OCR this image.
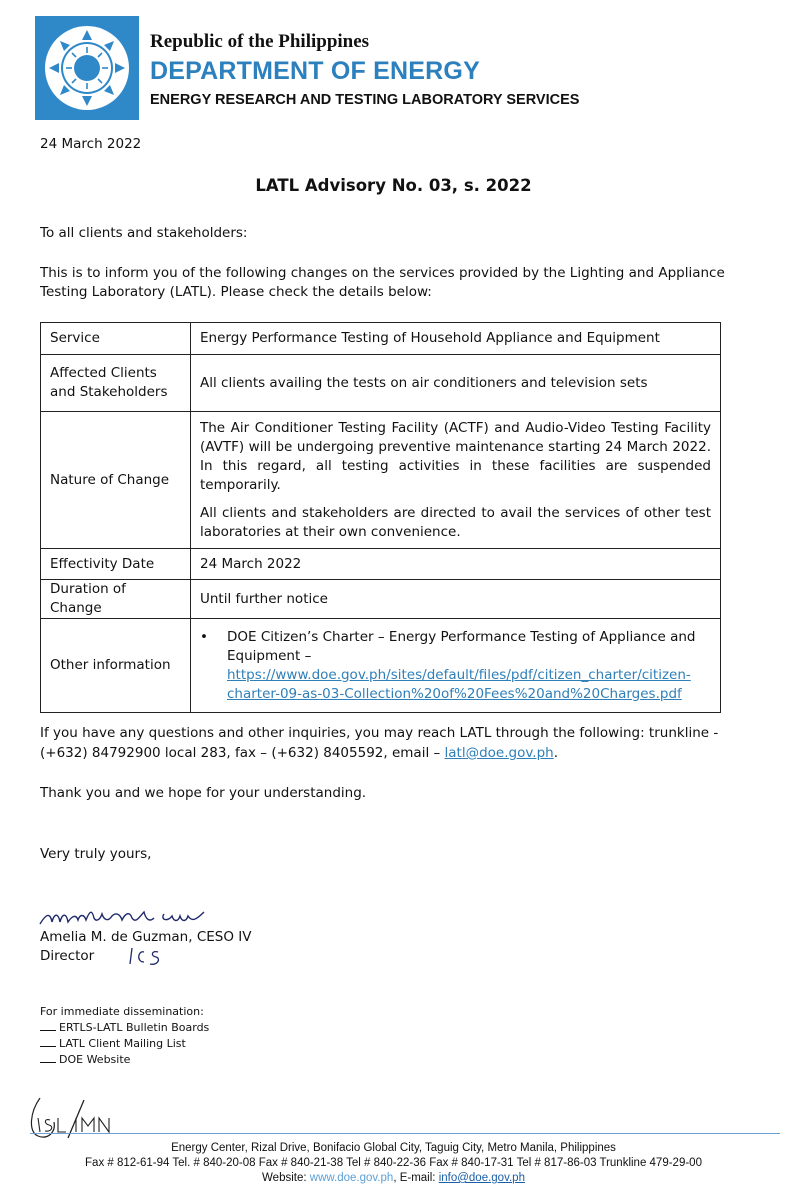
Republic of the Philippines
DEPARTMENT OF ENERGY
ENERGY RESEARCH AND TESTING LABORATORY SERVICES
24 March 2022
LATL Advisory No. 03, s. 2022
To all clients and stakeholders:
This is to inform you of the following changes on the services provided by the Lighting and Appliance Testing Laboratory (LATL). Please check the details below:
Service	Energy Performance Testing of Household Appliance and Equipment
Affected Clients and Stakeholders	All clients availing the tests on air conditioners and television sets
Nature of Change	The Air Conditioner Testing Facility (ACTF) and Audio-Video Testing Facility (AVTF) will be undergoing preventive maintenance starting 24 March 2022. In this regard, all testing activities in these facilities are suspended temporarily.
All clients and stakeholders are directed to avail the services of other test laboratories at their own convenience.

Effectivity Date	24 March 2022
Duration of Change	Until further notice
Other information	• DOE Citizen’s Charter – Energy Performance Testing of Appliance and Equipment –
https://www.doe.gov.ph/sites/default/files/pdf/citizen_charter/citizen-
charter-09-as-03-Collection%20of%20Fees%20and%20Charges.pdf
If you have any questions and other inquiries, you may reach LATL through the following: trunkline - (+632) 84792900 local 283, fax – (+632) 8405592, email – latl@doe.gov.ph.
Thank you and we hope for your understanding.
Very truly yours,
Amelia M. de Guzman, CESO IV
Director
For immediate dissemination:
ERTLS-LATL Bulletin Boards
LATL Client Mailing List
DOE Website
Energy Center, Rizal Drive, Bonifacio Global City, Taguig City, Metro Manila, Philippines
Fax # 812-61-94 Tel. # 840-20-08 Fax # 840-21-38 Tel # 840-22-36 Fax # 840-17-31 Tel # 817-86-03 Trunkline 479-29-00
Website: www.doe.gov.ph, E-mail: info@doe.gov.ph
